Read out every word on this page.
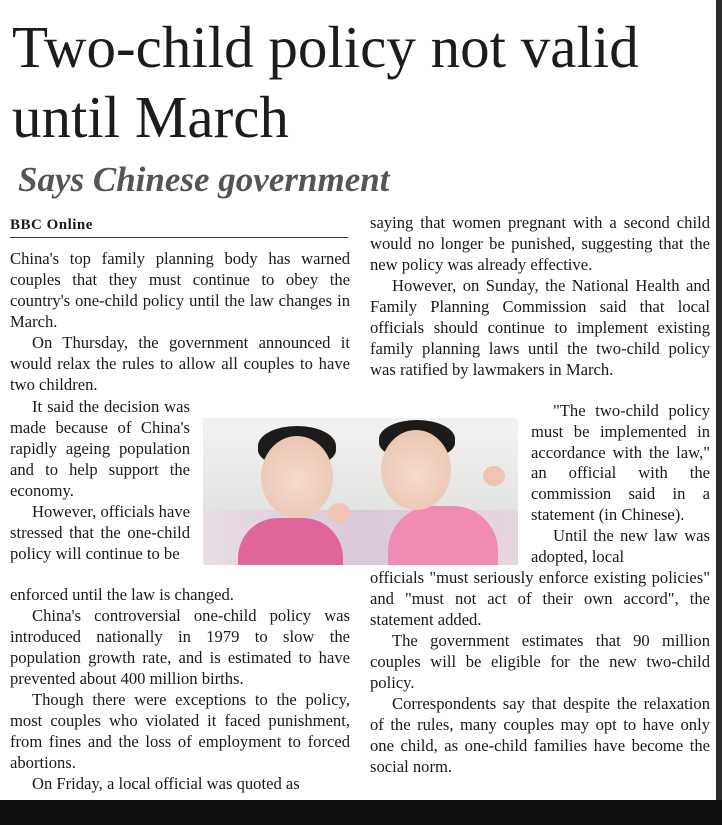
Two-child policy not valid until March
Says Chinese government
BBC Online

China's top family planning body has warned couples that they must continue to obey the country's one-child policy until the law changes in March.

On Thursday, the government announced it would relax the rules to allow all couples to have two children.

It said the decision was made because of China's rapidly ageing population and to help support the economy.

However, officials have stressed that the one-child policy will continue to be

enforced until the law is changed.

China's controversial one-child policy was introduced nationally in 1979 to slow the population growth rate, and is estimated to have prevented about 400 million births.

Though there were exceptions to the policy, most couples who violated it faced punishment, from fines and the loss of employment to forced abortions.

On Friday, a local official was quoted as

saying that women pregnant with a second child would no longer be punished, suggesting that the new policy was already effective.

However, on Sunday, the National Health and Family Planning Commission said that local officials should continue to implement existing family planning laws until the two-child policy was ratified by lawmakers in March.

"The two-child policy must be implemented in accordance with the law," an official with the commission said in a statement (in Chinese).

Until the new law was adopted, local

officials "must seriously enforce existing policies" and "must not act of their own accord", the statement added.

The government estimates that 90 million couples will be eligible for the new two-child policy.

Correspondents say that despite the relaxation of the rules, many couples may opt to have only one child, as one-child families have become the social norm.
